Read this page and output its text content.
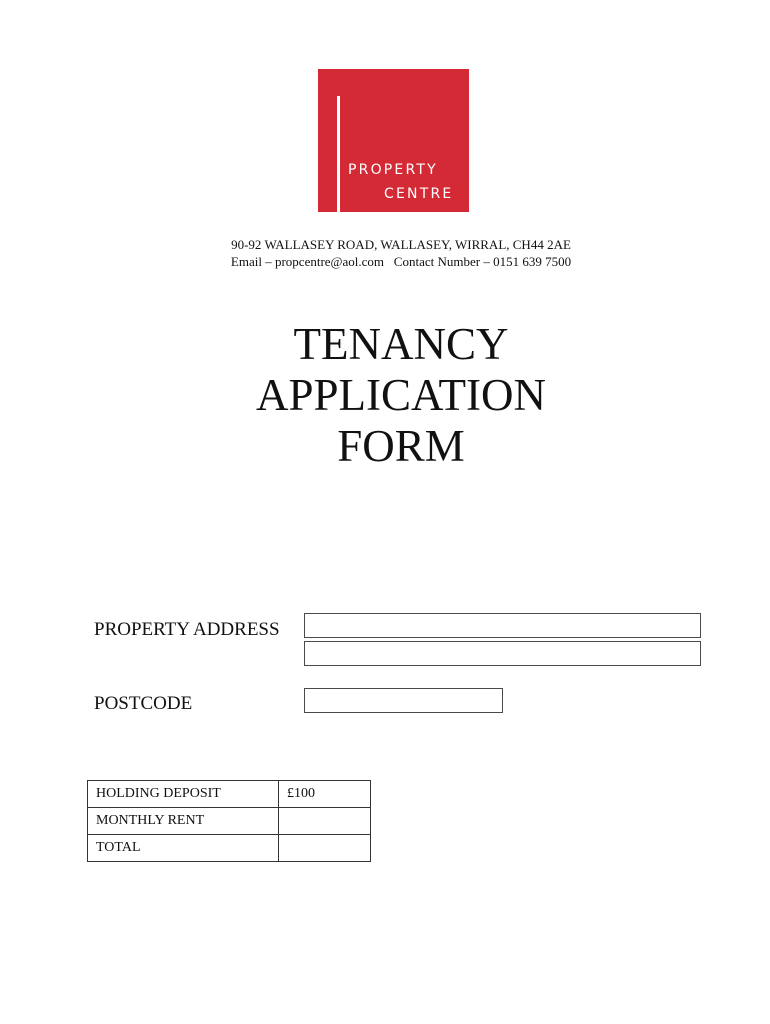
PROPERTY
CENTRE
90-92 WALLASEY ROAD, WALLASEY, WIRRAL, CH44 2AE
Email – propcentre@aol.com   Contact Number – 0151 639 7500
TENANCY
APPLICATION
FORM
PROPERTY ADDRESS
POSTCODE
HOLDING DEPOSIT	£100
MONTHLY RENT	
TOTAL	
